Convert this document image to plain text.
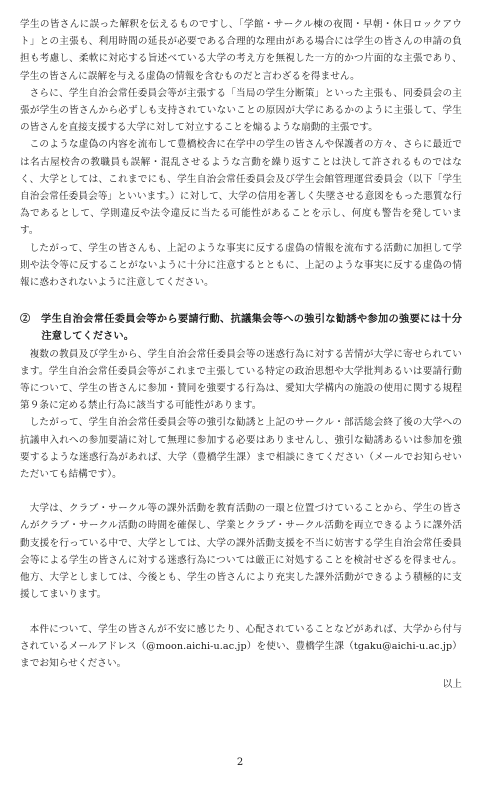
学生の皆さんに誤った解釈を伝えるものですし、「学館・サークル棟の夜間・早朝・休日ロックアウト」との主張も、利用時間の延長が必要である合理的な理由がある場合には学生の皆さんの申請の負担も考慮し、柔軟に対応する旨述べている大学の考え方を無視した一方的かつ片面的な主張であり、学生の皆さんに誤解を与える虚偽の情報を含むものだと言わざるを得ません。

さらに、学生自治会常任委員会等が主張する「当局の学生分断策」といった主張も、同委員会の主張が学生の皆さんから必ずしも支持されていないことの原因が大学にあるかのように主張して、学生の皆さんを直接支援する大学に対して対立することを煽るような扇動的主張です。

このような虚偽の内容を流布して豊橋校舎に在学中の学生の皆さんや保護者の方々、さらに最近では名古屋校舎の教職員も誤解・混乱させるような言動を繰り返すことは決して許されるものではなく、大学としては、これまでにも、学生自治会常任委員会及び学生会館管理運営委員会（以下「学生自治会常任委員会等」といいます。）に対して、大学の信用を著しく失墜させる意図をもった悪質な行為であるとして、学則違反や法令違反に当たる可能性があることを示し、何度も警告を発しています。

したがって、学生の皆さんも、上記のような事実に反する虚偽の情報を流布する活動に加担して学則や法令等に反することがないように十分に注意するとともに、上記のような事実に反する虚偽の情報に惑わされないように注意してください。

②　学生自治会常任委員会等から要請行動、抗議集会等への強引な勧誘や参加の強要には十分注意してください。

複数の教員及び学生から、学生自治会常任委員会等の迷惑行為に対する苦情が大学に寄せられています。学生自治会常任委員会等がこれまで主張している特定の政治思想や大学批判あるいは要請行動等について、学生の皆さんに参加・賛同を強要する行為は、愛知大学構内の施設の使用に関する規程第９条に定める禁止行為に該当する可能性があります。

したがって、学生自治会常任委員会等の強引な勧誘と上記のサークル・部活総会終了後の大学への抗議申入れへの参加要請に対して無理に参加する必要はありませんし、強引な勧誘あるいは参加を強要するような迷惑行為があれば、大学（豊橋学生課）まで相談にきてください（メールでお知らせいただいても結構です）。

大学は、クラブ・サークル等の課外活動を教育活動の一環と位置づけていることから、学生の皆さんがクラブ・サークル活動の時間を確保し、学業とクラブ・サークル活動を両立できるように課外活動支援を行っている中で、大学としては、大学の課外活動支援を不当に妨害する学生自治会常任委員会等による学生の皆さんに対する迷惑行為については厳正に対処することを検討せざるを得ません。他方、大学としましては、今後とも、学生の皆さんにより充実した課外活動ができるよう積極的に支援してまいります。

本件について、学生の皆さんが不安に感じたり、心配されていることなどがあれば、大学から付与されているメールアドレス（@moon.aichi-u.ac.jp）を使い、豊橋学生課（tgaku@aichi-u.ac.jp）までお知らせください。

以上

2
